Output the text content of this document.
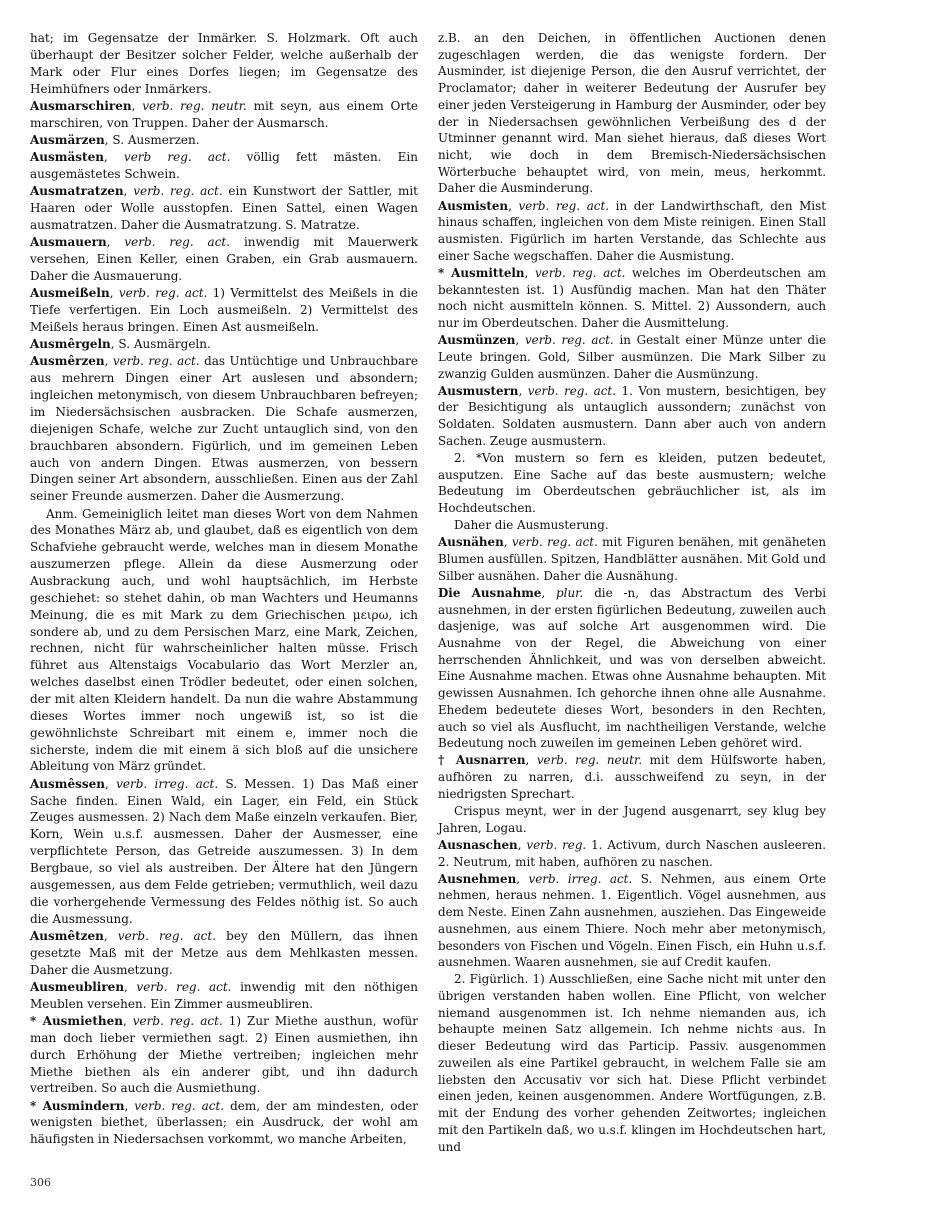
hat; im Gegensatze der Inmärker. S. Holzmark. Oft auch überhaupt der Besitzer solcher Felder, welche außerhalb der Mark oder Flur eines Dorfes liegen; im Gegensatze des Heimhüfners oder Inmärkers.

Ausmarschiren, verb. reg. neutr. mit seyn, aus einem Orte marschiren, von Truppen. Daher der Ausmarsch.

Ausmärzen, S. Ausmerzen.

Ausmästen, verb reg. act. völlig fett mästen. Ein ausgemästetes Schwein.

Ausmatratzen, verb. reg. act. ein Kunstwort der Sattler, mit Haaren oder Wolle ausstopfen. Einen Sattel, einen Wagen ausmatratzen. Daher die Ausmatratzung. S. Matratze.

Ausmauern, verb. reg. act. inwendig mit Mauerwerk versehen, Einen Keller, einen Graben, ein Grab ausmauern. Daher die Ausmauerung.

Ausmeißeln, verb. reg. act. 1) Vermittelst des Meißels in die Tiefe verfertigen. Ein Loch ausmeißeln. 2) Vermittelst des Meißels heraus bringen. Einen Ast ausmeißeln.

Ausmêrgeln, S. Ausmärgeln.

Ausmêrzen, verb. reg. act. das Untüchtige und Unbrauchbare aus mehrern Dingen einer Art auslesen und absondern; ingleichen metonymisch, von diesem Unbrauchbaren befreyen; im Niedersächsischen ausbracken. Die Schafe ausmerzen, diejenigen Schafe, welche zur Zucht untauglich sind, von den brauchbaren absondern. Figürlich, und im gemeinen Leben auch von andern Dingen. Etwas ausmerzen, von bessern Dingen seiner Art absondern, ausschließen. Einen aus der Zahl seiner Freunde ausmerzen. Daher die Ausmerzung.

Anm. Gemeiniglich leitet man dieses Wort von dem Nahmen des Monathes März ab, und glaubet, daß es eigentlich von dem Schafviehe gebraucht werde, welches man in diesem Monathe auszumerzen pflege. Allein da diese Ausmerzung oder Ausbrackung auch, und wohl hauptsächlich, im Herbste geschiehet: so stehet dahin, ob man Wachters und Heumanns Meinung, die es mit Mark zu dem Griechischen μειρω, ich sondere ab, und zu dem Persischen Marz, eine Mark, Zeichen, rechnen, nicht für wahrscheinlicher halten müsse. Frisch führet aus Altenstaigs Vocabulario das Wort Merzler an, welches daselbst einen Trödler bedeutet, oder einen solchen, der mit alten Kleidern handelt. Da nun die wahre Abstammung dieses Wortes immer noch ungewiß ist, so ist die gewöhnlichste Schreibart mit einem e, immer noch die sicherste, indem die mit einem ä sich bloß auf die unsichere Ableitung von März gründet.

Ausmêssen, verb. irreg. act. S. Messen. 1) Das Maß einer Sache finden. Einen Wald, ein Lager, ein Feld, ein Stück Zeuges ausmessen. 2) Nach dem Maße einzeln verkaufen. Bier, Korn, Wein u.s.f. ausmessen. Daher der Ausmesser, eine verpflichtete Person, das Getreide auszumessen. 3) In dem Bergbaue, so viel als austreiben. Der Ältere hat den Jüngern ausgemessen, aus dem Felde getrieben; vermuthlich, weil dazu die vorhergehende Vermessung des Feldes nöthig ist. So auch die Ausmessung.

Ausmêtzen, verb. reg. act. bey den Müllern, das ihnen gesetzte Maß mit der Metze aus dem Mehlkasten messen. Daher die Ausmetzung.

Ausmeubliren, verb. reg. act. inwendig mit den nöthigen Meublen versehen. Ein Zimmer ausmeubliren.

* Ausmiethen, verb. reg. act. 1) Zur Miethe austhun, wofür man doch lieber vermiethen sagt. 2) Einen ausmiethen, ihn durch Erhöhung der Miethe vertreiben; ingleichen mehr Miethe biethen als ein anderer gibt, und ihn dadurch vertreiben. So auch die Ausmiethung.

* Ausmindern, verb. reg. act. dem, der am mindesten, oder wenigsten biethet, überlassen; ein Ausdruck, der wohl am häufigsten in Niedersachsen vorkommt, wo manche Arbeiten,

z.B. an den Deichen, in öffentlichen Auctionen denen zugeschlagen werden, die das wenigste fordern. Der Ausminder, ist diejenige Person, die den Ausruf verrichtet, der Proclamator; daher in weiterer Bedeutung der Ausrufer bey einer jeden Versteigerung in Hamburg der Ausminder, oder bey der in Niedersachsen gewöhnlichen Verbeißung des d der Utminner genannt wird. Man siehet hieraus, daß dieses Wort nicht, wie doch in dem Bremisch-Niedersächsischen Wörterbuche behauptet wird, von mein, meus, herkommt. Daher die Ausminderung.

Ausmisten, verb. reg. act. in der Landwirthschaft, den Mist hinaus schaffen, ingleichen von dem Miste reinigen. Einen Stall ausmisten. Figürlich im harten Verstande, das Schlechte aus einer Sache wegschaffen. Daher die Ausmistung.

* Ausmitteln, verb. reg. act. welches im Oberdeutschen am bekanntesten ist. 1) Ausfündig machen. Man hat den Thäter noch nicht ausmitteln können. S. Mittel. 2) Aussondern, auch nur im Oberdeutschen. Daher die Ausmittelung.

Ausmünzen, verb. reg. act. in Gestalt einer Münze unter die Leute bringen. Gold, Silber ausmünzen. Die Mark Silber zu zwanzig Gulden ausmünzen. Daher die Ausmünzung.

Ausmustern, verb. reg. act. 1. Von mustern, besichtigen, bey der Besichtigung als untauglich aussondern; zunächst von Soldaten. Soldaten ausmustern. Dann aber auch von andern Sachen. Zeuge ausmustern.

2. *Von mustern so fern es kleiden, putzen bedeutet, ausputzen. Eine Sache auf das beste ausmustern; welche Bedeutung im Oberdeutschen gebräuchlicher ist, als im Hochdeutschen.

Daher die Ausmusterung.

Ausnähen, verb. reg. act. mit Figuren benähen, mit genäheten Blumen ausfüllen. Spitzen, Handblätter ausnähen. Mit Gold und Silber ausnähen. Daher die Ausnähung.

Die Ausnahme, plur. die -n, das Abstractum des Verbi ausnehmen, in der ersten figürlichen Bedeutung, zuweilen auch dasjenige, was auf solche Art ausgenommen wird. Die Ausnahme von der Regel, die Abweichung von einer herrschenden Ähnlichkeit, und was von derselben abweicht. Eine Ausnahme machen. Etwas ohne Ausnahme behaupten. Mit gewissen Ausnahmen. Ich gehorche ihnen ohne alle Ausnahme. Ehedem bedeutete dieses Wort, besonders in den Rechten, auch so viel als Ausflucht, im nachtheiligen Verstande, welche Bedeutung noch zuweilen im gemeinen Leben gehöret wird.

† Ausnarren, verb. reg. neutr. mit dem Hülfsworte haben, aufhören zu narren, d.i. ausschweifend zu seyn, in der niedrigsten Sprechart.

Crispus meynt, wer in der Jugend ausgenarrt, sey klug bey Jahren, Logau.

Ausnaschen, verb. reg. 1. Activum, durch Naschen ausleeren. 2. Neutrum, mit haben, aufhören zu naschen.

Ausnehmen, verb. irreg. act. S. Nehmen, aus einem Orte nehmen, heraus nehmen. 1. Eigentlich. Vögel ausnehmen, aus dem Neste. Einen Zahn ausnehmen, ausziehen. Das Eingeweide ausnehmen, aus einem Thiere. Noch mehr aber metonymisch, besonders von Fischen und Vögeln. Einen Fisch, ein Huhn u.s.f. ausnehmen. Waaren ausnehmen, sie auf Credit kaufen.

2. Figürlich. 1) Ausschließen, eine Sache nicht mit unter den übrigen verstanden haben wollen. Eine Pflicht, von welcher niemand ausgenommen ist. Ich nehme niemanden aus, ich behaupte meinen Satz allgemein. Ich nehme nichts aus. In dieser Bedeutung wird das Particip. Passiv. ausgenommen zuweilen als eine Partikel gebraucht, in welchem Falle sie am liebsten den Accusativ vor sich hat. Diese Pflicht verbindet einen jeden, keinen ausgenommen. Andere Wortfügungen, z.B. mit der Endung des vorher gehenden Zeitwortes; ingleichen mit den Partikeln daß, wo u.s.f. klingen im Hochdeutschen hart, und

306
